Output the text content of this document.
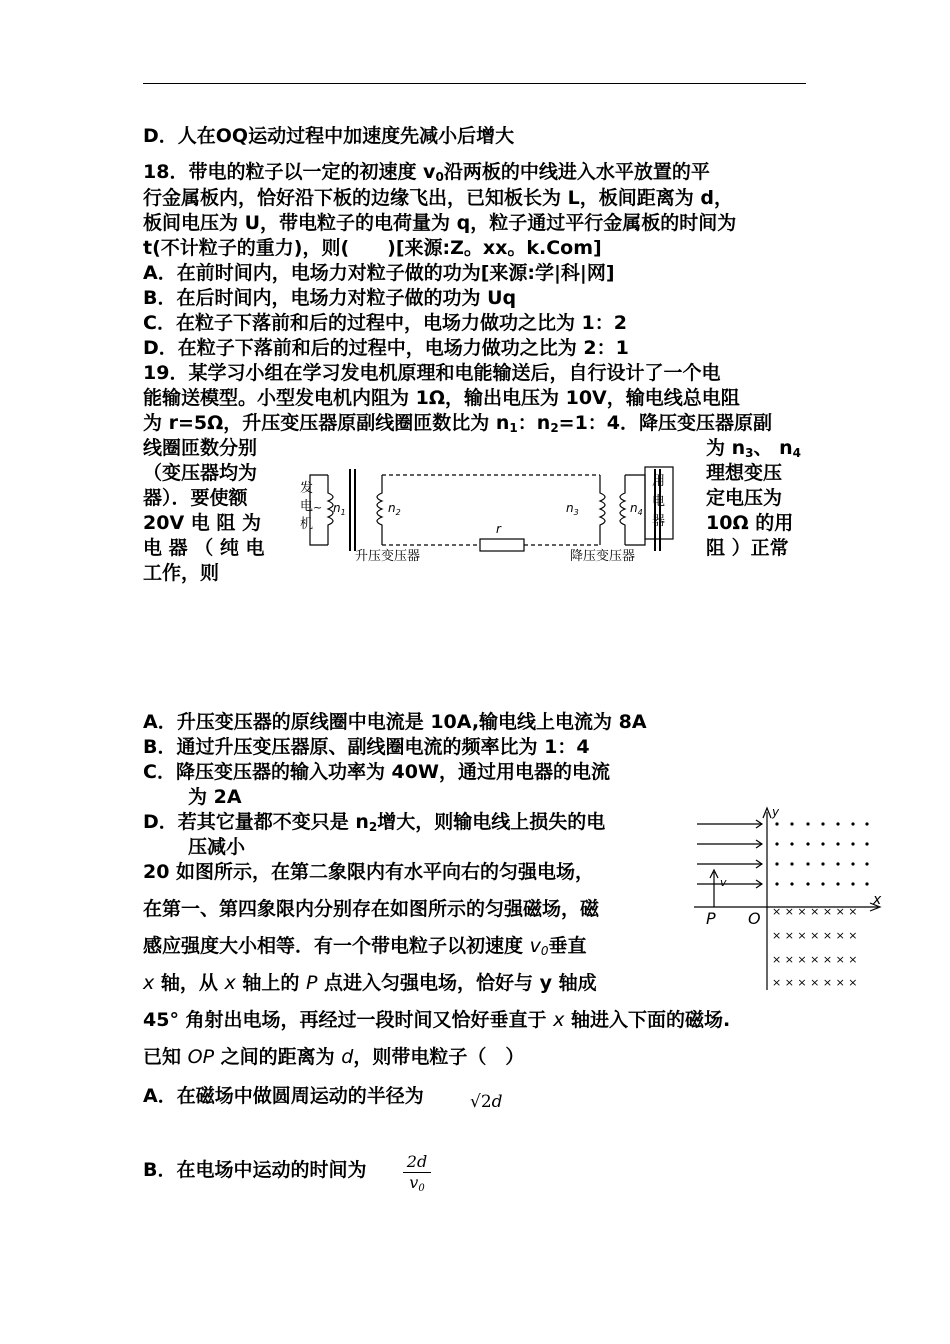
D．人在OQ运动过程中加速度先减小后增大
18．带电的粒子以一定的初速度 $v_0$沿两板的中线进入水平放置的平
行金属板内，恰好沿下板的边缘飞出，已知板长为 L，板间距离为 d，
板间电压为 U，带电粒子的电荷量为 q，粒子通过平行金属板的时间为
t(不计粒子的重力)，则(　　)[来源:Z。xx。k.Com]
A．在前时间内，电场力对粒子做的功为[来源:学|科|网]
B．在后时间内，电场力对粒子做的功为 Uq
C．在粒子下落前和后的过程中，电场力做功之比为 1：2
D．在粒子下落前和后的过程中，电场力做功之比为 2：1
19．某学习小组在学习发电机原理和电能输送后，自行设计了一个电
能输送模型。小型发电机内阻为 1Ω，输出电压为 10V，输电线总电阻
为 r=5Ω，升压变压器原副线圈匝数比为 $n_1$：$n_2=1$：4．降压变压器原副
线圈匝数分别
（变压器均为
器）．要使额
20V 电 阻 为
电 器 （ 纯 电
工作，则
为 $n_3$、 $n_4$
理想变压
定电压为
10Ω 的用
阻 ）正常
发
电
机
~ $n_1$	$n_2$	$n_3$	$n_4$
r
用
电
器
升压变压器	降压变压器
A．升压变压器的原线圈中电流是 10A,输电线上电流为 8A
B．通过升压变压器原、副线圈电流的频率比为 1：4
C．降压变压器的输入功率为 40W，通过用电器的电流
为 2A
D．若其它量都不变只是 $n_2$增大，则输电线上损失的电
压减小
20 如图所示，在第二象限内有水平向右的匀强电场，
在第一、第四象限内分别存在如图所示的匀强磁场，磁
感应强度大小相等．有一个带电粒子以初速度 $v_0$垂直
x 轴，从 x 轴上的 P 点进入匀强电场，恰好与 y 轴成
45° 角射出电场，再经过一段时间又恰好垂直于 x 轴进入下面的磁场.
已知 OP 之间的距离为 d，则带电粒子（　）
A．在磁场中做圆周运动的半径为	√2d
B．在电场中运动的时间为	2d
v0
v
y
x
O
P	× × × × × × ×
× × × × × × ×
× × × × × × ×
× × × × × × ×
